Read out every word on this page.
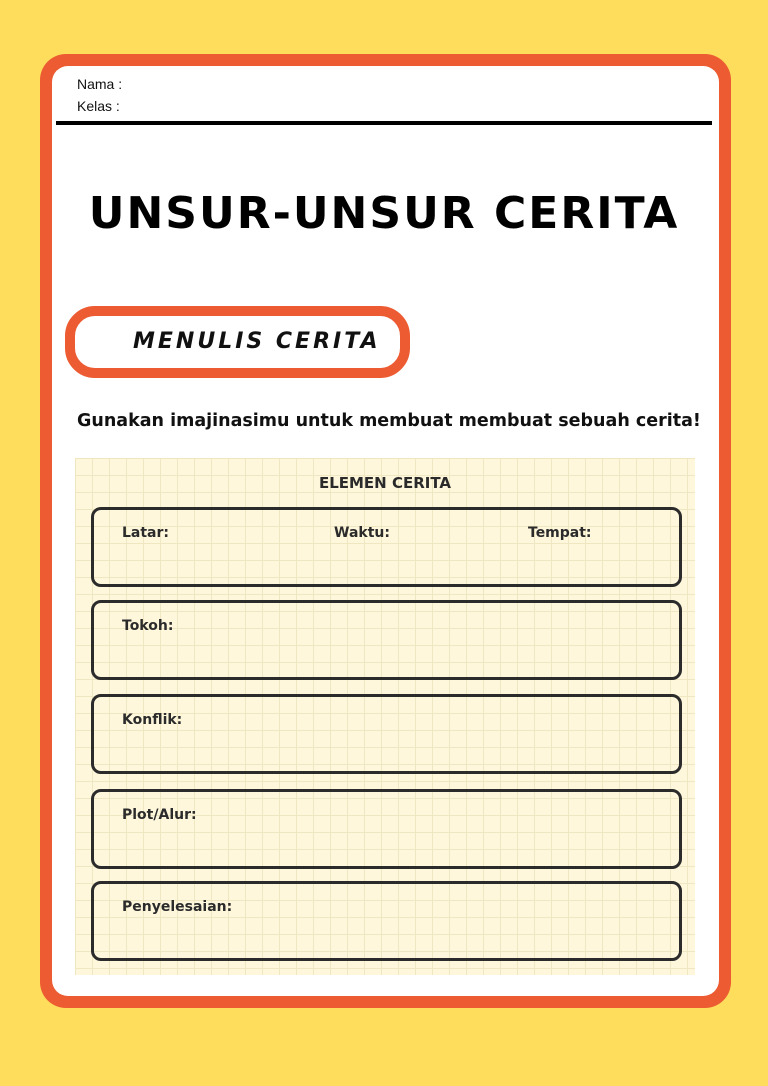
Nama :
Kelas :
UNSUR-UNSUR CERITA
MENULIS CERITA
Gunakan imajinasimu untuk membuat membuat sebuah cerita!
ELEMEN CERITA
Latar:	Waktu:	Tempat:
Tokoh:
Konflik:
Plot/Alur:
Penyelesaian:
